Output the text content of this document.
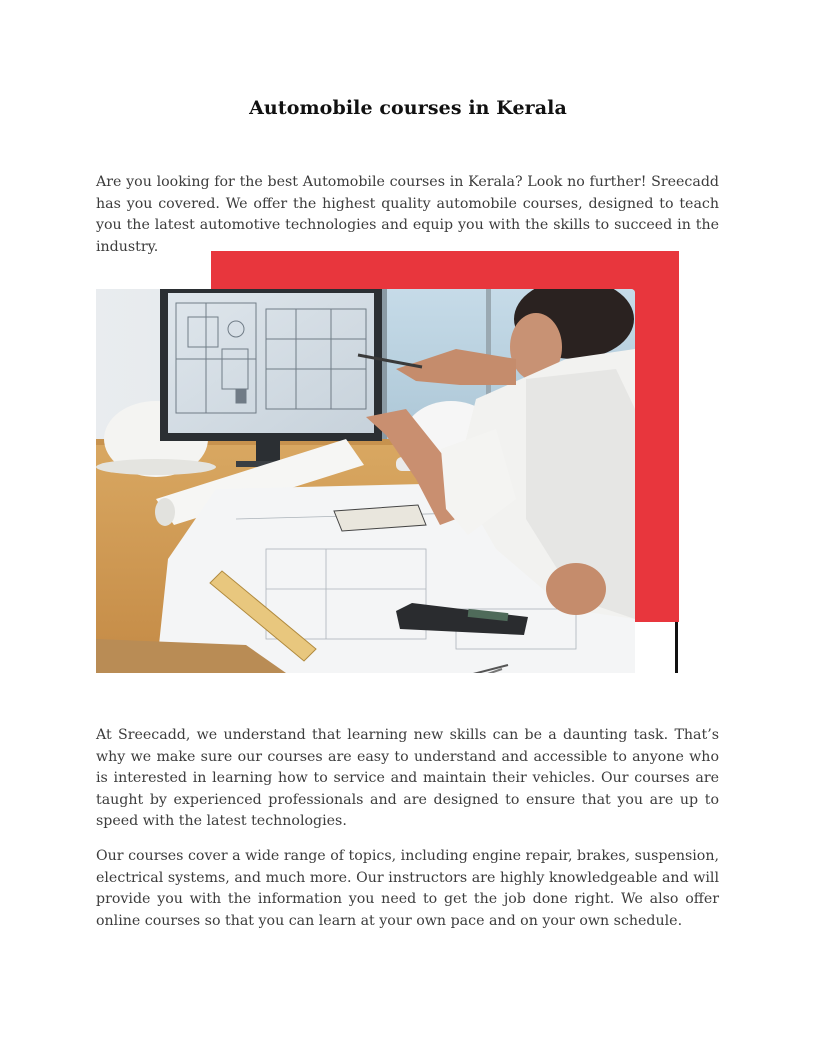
Automobile courses in Kerala

Are you looking for the best Automobile courses in Kerala? Look no further! Sreecadd has you covered. We offer the highest quality automobile courses, designed to teach you the latest automotive technologies and equip you with the skills to succeed in the industry.

At Sreecadd, we understand that learning new skills can be a daunting task. That’s why we make sure our courses are easy to understand and accessible to anyone who is interested in learning how to service and maintain their vehicles. Our courses are taught by experienced professionals and are designed to ensure that you are up to speed with the latest technologies.

Our courses cover a wide range of topics, including engine repair, brakes, suspension, electrical systems, and much more. Our instructors are highly knowledgeable and will provide you with the information you need to get the job done right. We also offer online courses so that you can learn at your own pace and on your own schedule.
